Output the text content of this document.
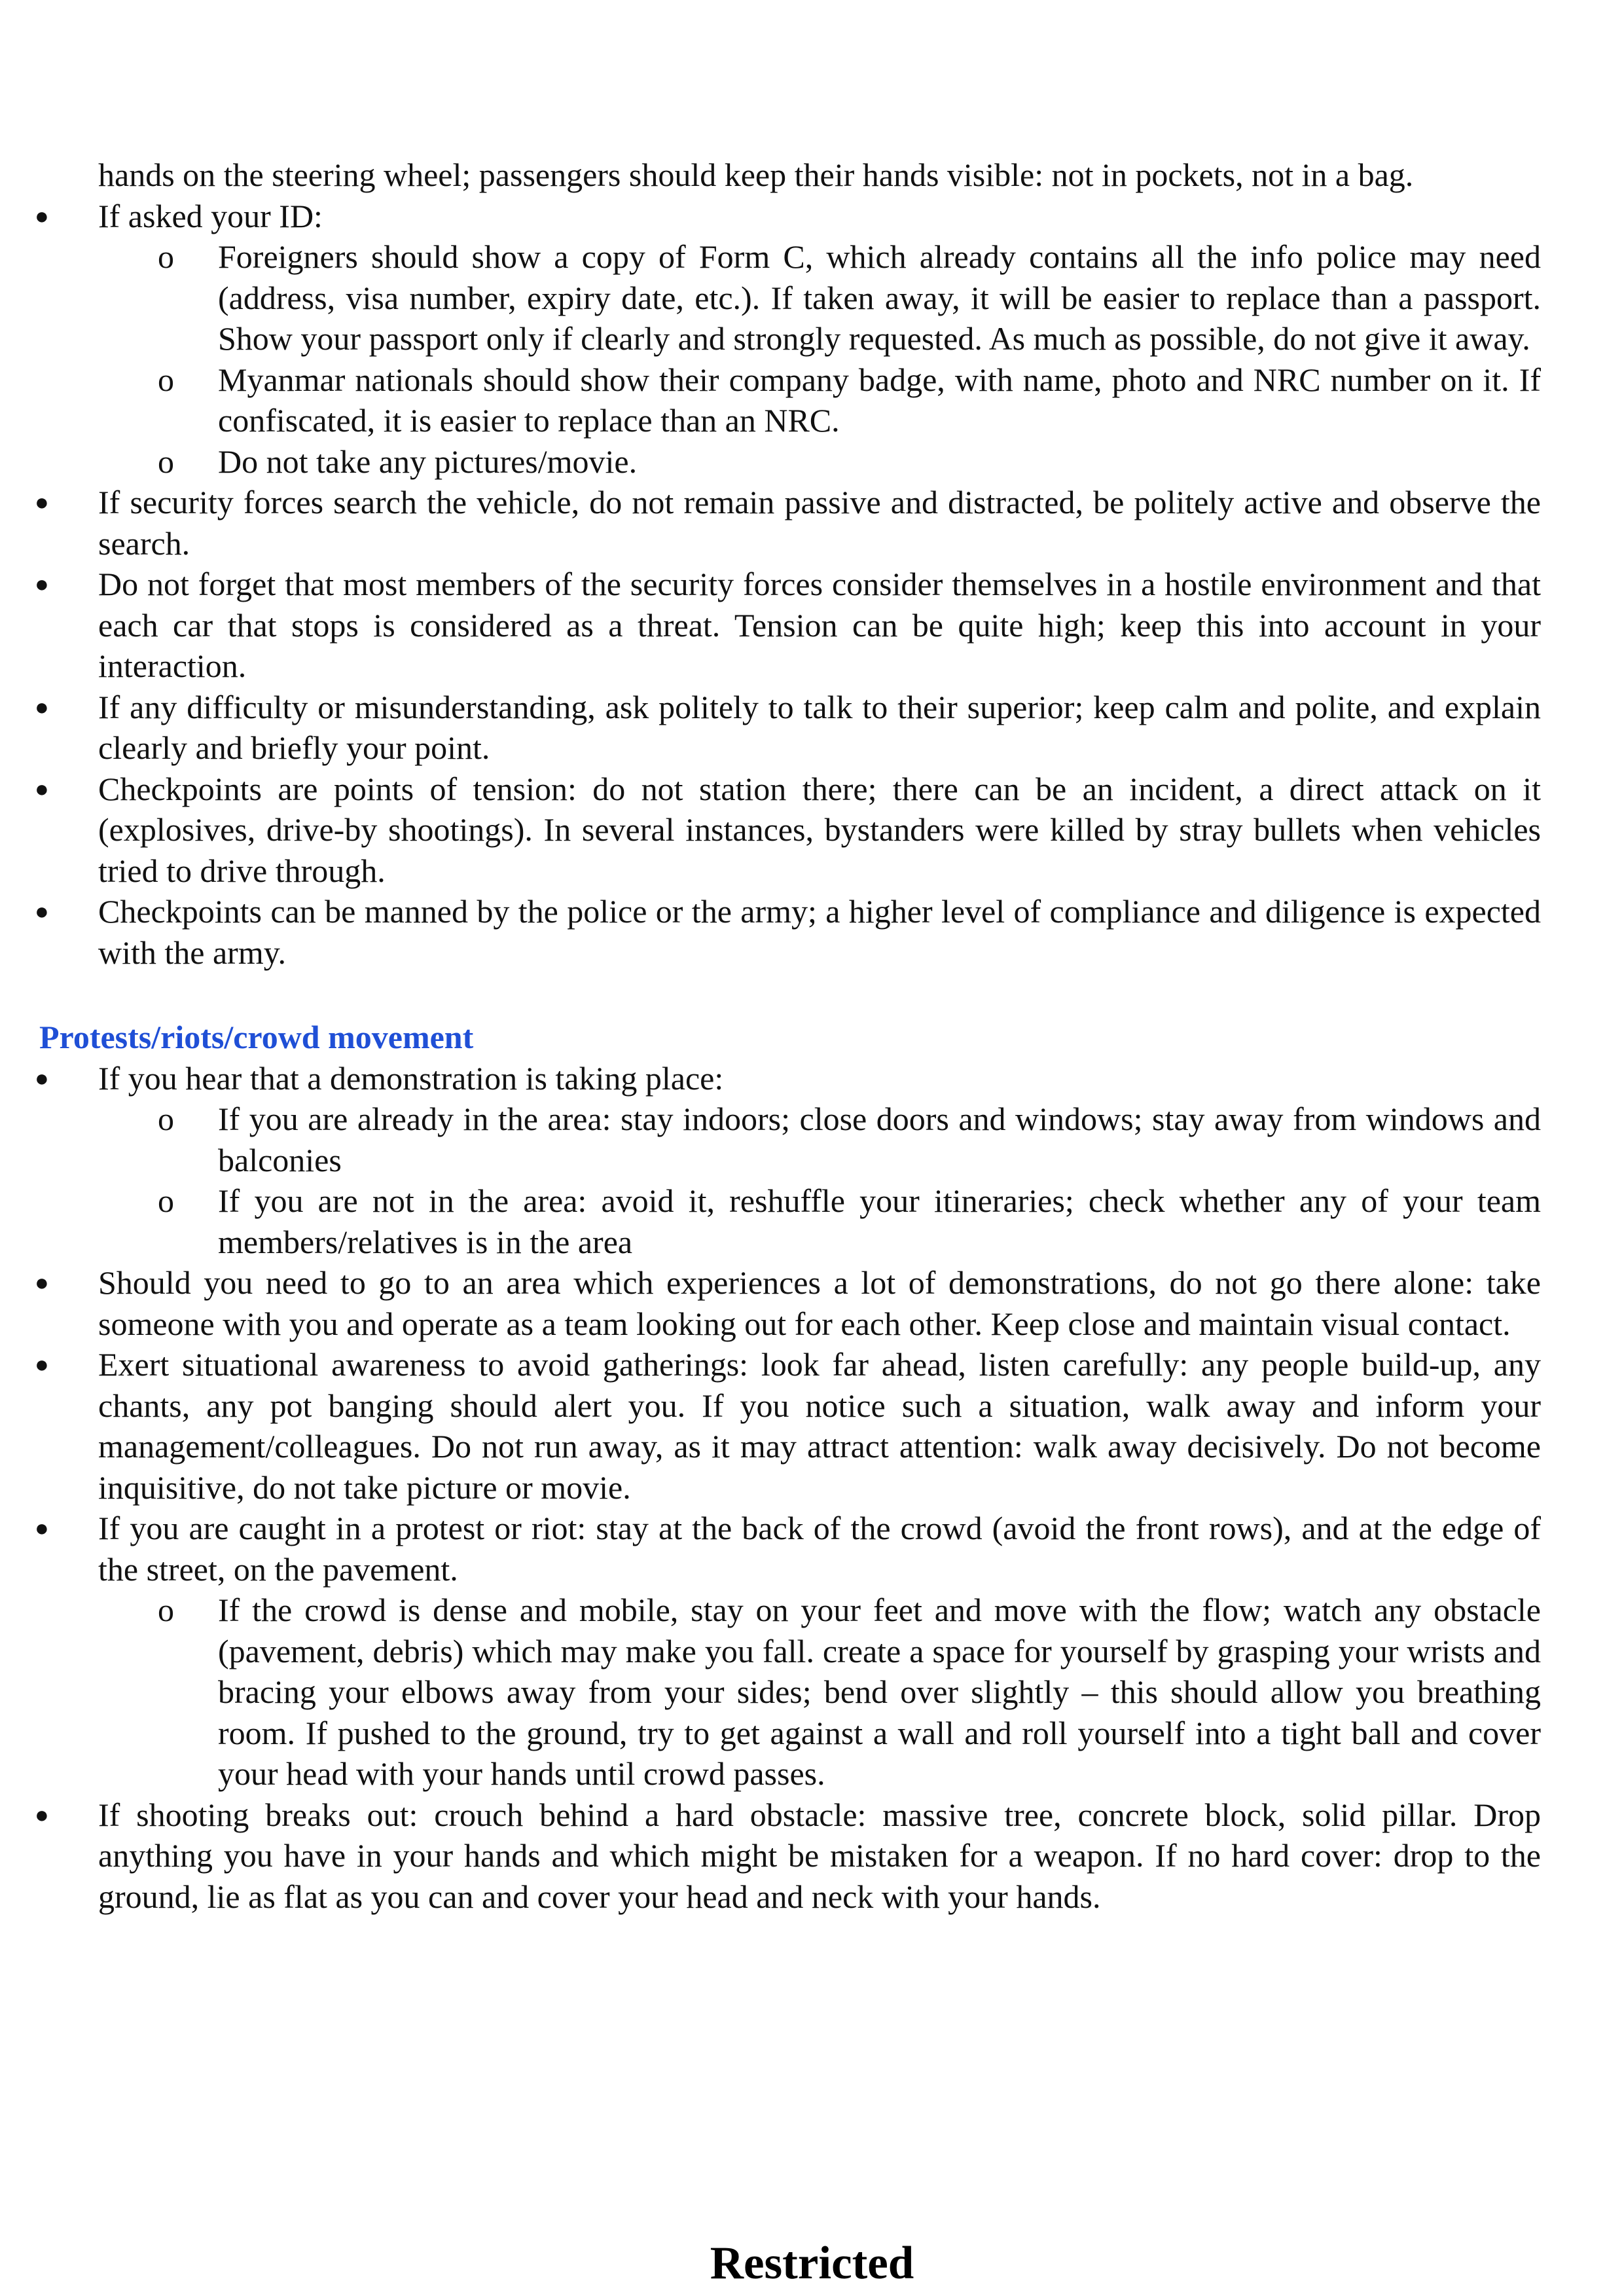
hands on the steering wheel; passengers should keep their hands visible: not in pockets, not in a bag.

● If asked your ID:

o Foreigners should show a copy of Form C, which already contains all the info police may need (address, visa number, expiry date, etc.). If taken away, it will be easier to replace than a passport. Show your passport only if clearly and strongly requested. As much as possible, do not give it away.

o Myanmar nationals should show their company badge, with name, photo and NRC number on it. If confiscated, it is easier to replace than an NRC.

o Do not take any pictures/movie.

● If security forces search the vehicle, do not remain passive and distracted, be politely active and observe the search.

● Do not forget that most members of the security forces consider themselves in a hostile environment and that each car that stops is considered as a threat. Tension can be quite high; keep this into account in your interaction.

● If any difficulty or misunderstanding, ask politely to talk to their superior; keep calm and polite, and explain clearly and briefly your point.

● Checkpoints are points of tension: do not station there; there can be an incident, a direct attack on it (explosives, drive-by shootings). In several instances, bystanders were killed by stray bullets when vehicles tried to drive through.

● Checkpoints can be manned by the police or the army; a higher level of compliance and diligence is expected with the army.

Protests/riots/crowd movement

● If you hear that a demonstration is taking place:

o If you are already in the area: stay indoors; close doors and windows; stay away from windows and balconies

o If you are not in the area: avoid it, reshuffle your itineraries; check whether any of your team members/relatives is in the area

● Should you need to go to an area which experiences a lot of demonstrations, do not go there alone: take someone with you and operate as a team looking out for each other. Keep close and maintain visual contact.

● Exert situational awareness to avoid gatherings: look far ahead, listen carefully: any people build-up, any chants, any pot banging should alert you. If you notice such a situation, walk away and inform your management/colleagues. Do not run away, as it may attract attention: walk away decisively. Do not become inquisitive, do not take picture or movie.

● If you are caught in a protest or riot: stay at the back of the crowd (avoid the front rows), and at the edge of the street, on the pavement.

o If the crowd is dense and mobile, stay on your feet and move with the flow; watch any obstacle (pavement, debris) which may make you fall. create a space for yourself by grasping your wrists and bracing your elbows away from your sides; bend over slightly – this should allow you breathing room. If pushed to the ground, try to get against a wall and roll yourself into a tight ball and cover your head with your hands until crowd passes.

● If shooting breaks out: crouch behind a hard obstacle: massive tree, concrete block, solid pillar. Drop anything you have in your hands and which might be mistaken for a weapon. If no hard cover: drop to the ground, lie as flat as you can and cover your head and neck with your hands.

Restricted
